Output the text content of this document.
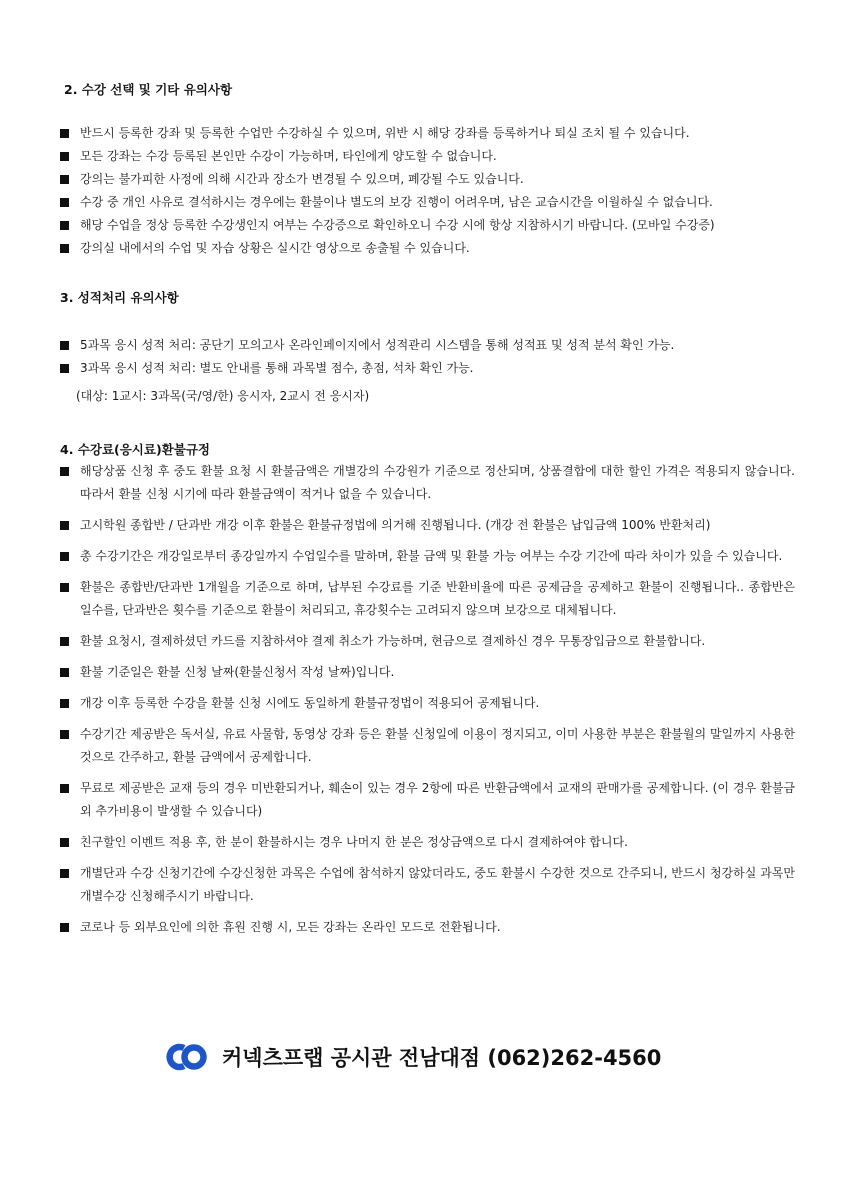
2. 수강 선택 및 기타 유의사항
반드시 등록한 강좌 및 등록한 수업만 수강하실 수 있으며, 위반 시 해당 강좌를 등록하거나 퇴실 조치 될 수 있습니다.
모든 강좌는 수강 등록된 본인만 수강이 가능하며, 타인에게 양도할 수 없습니다.
강의는 불가피한 사정에 의해 시간과 장소가 변경될 수 있으며, 폐강될 수도 있습니다.
수강 중 개인 사유로 결석하시는 경우에는 환불이나 별도의 보강 진행이 어려우며, 남은 교습시간을 이월하실 수 없습니다.
해당 수업을 정상 등록한 수강생인지 여부는 수강증으로 확인하오니 수강 시에 항상 지참하시기 바랍니다. (모바일 수강증)
강의실 내에서의 수업 및 자습 상황은 실시간 영상으로 송출될 수 있습니다.
3. 성적처리 유의사항
5과목 응시 성적 처리: 공단기 모의고사 온라인페이지에서 성적관리 시스템을 통해 성적표 및 성적 분석 확인 가능.
3과목 응시 성적 처리: 별도 안내를 통해 과목별 점수, 총점, 석차 확인 가능.
(대상: 1교시: 3과목(국/영/한) 응시자, 2교시 전 응시자)
4. 수강료(응시료)환불규정
해당상품 신청 후 중도 환불 요청 시 환불금액은 개별강의 수강원가 기준으로 정산되며, 상품결합에 대한 할인 가격은 적용되지 않습니다. 따라서 환불 신청 시기에 따라 환불금액이 적거나 없을 수 있습니다.
고시학원 종합반 / 단과반 개강 이후 환불은 환불규정법에 의거해 진행됩니다. (개강 전 환불은 납입금액 100% 반환처리)
총 수강기간은 개강일로부터 종강일까지 수업일수를 말하며, 환불 금액 및 환불 가능 여부는 수강 기간에 따라 차이가 있을 수 있습니다.
환불은 종합반/단과반 1개월을 기준으로 하며, 납부된 수강료를 기준 반환비율에 따른 공제금을 공제하고 환불이 진행됩니다.. 종합반은 일수를, 단과반은 횟수를 기준으로 환불이 처리되고, 휴강횟수는 고려되지 않으며 보강으로 대체됩니다.
환불 요청시, 결제하셨던 카드를 지참하셔야 결제 취소가 가능하며, 현금으로 결제하신 경우 무통장입금으로 환불합니다.
환불 기준일은 환불 신청 날짜(환불신청서 작성 날짜)입니다.
개강 이후 등록한 수강을 환불 신청 시에도 동일하게 환불규정법이 적용되어 공제됩니다.
수강기간 제공받은 독서실, 유료 사물함, 동영상 강좌 등은 환불 신청일에 이용이 정지되고, 이미 사용한 부분은 환불월의 말일까지 사용한 것으로 간주하고, 환불 금액에서 공제합니다.
무료로 제공받은 교재 등의 경우 미반환되거나, 훼손이 있는 경우 2항에 따른 반환금액에서 교재의 판매가를 공제합니다. (이 경우 환불금 외 추가비용이 발생할 수 있습니다)
친구할인 이벤트 적용 후, 한 분이 환불하시는 경우 나머지 한 분은 정상금액으로 다시 결제하여야 합니다.
개별단과 수강 신청기간에 수강신청한 과목은 수업에 참석하지 않았더라도, 중도 환불시 수강한 것으로 간주되니, 반드시 청강하실 과목만 개별수강 신청해주시기 바랍니다.
코로나 등 외부요인에 의한 휴원 진행 시, 모든 강좌는 온라인 모드로 전환됩니다.
커넥츠프랩 공시관 전남대점 (062)262-4560
